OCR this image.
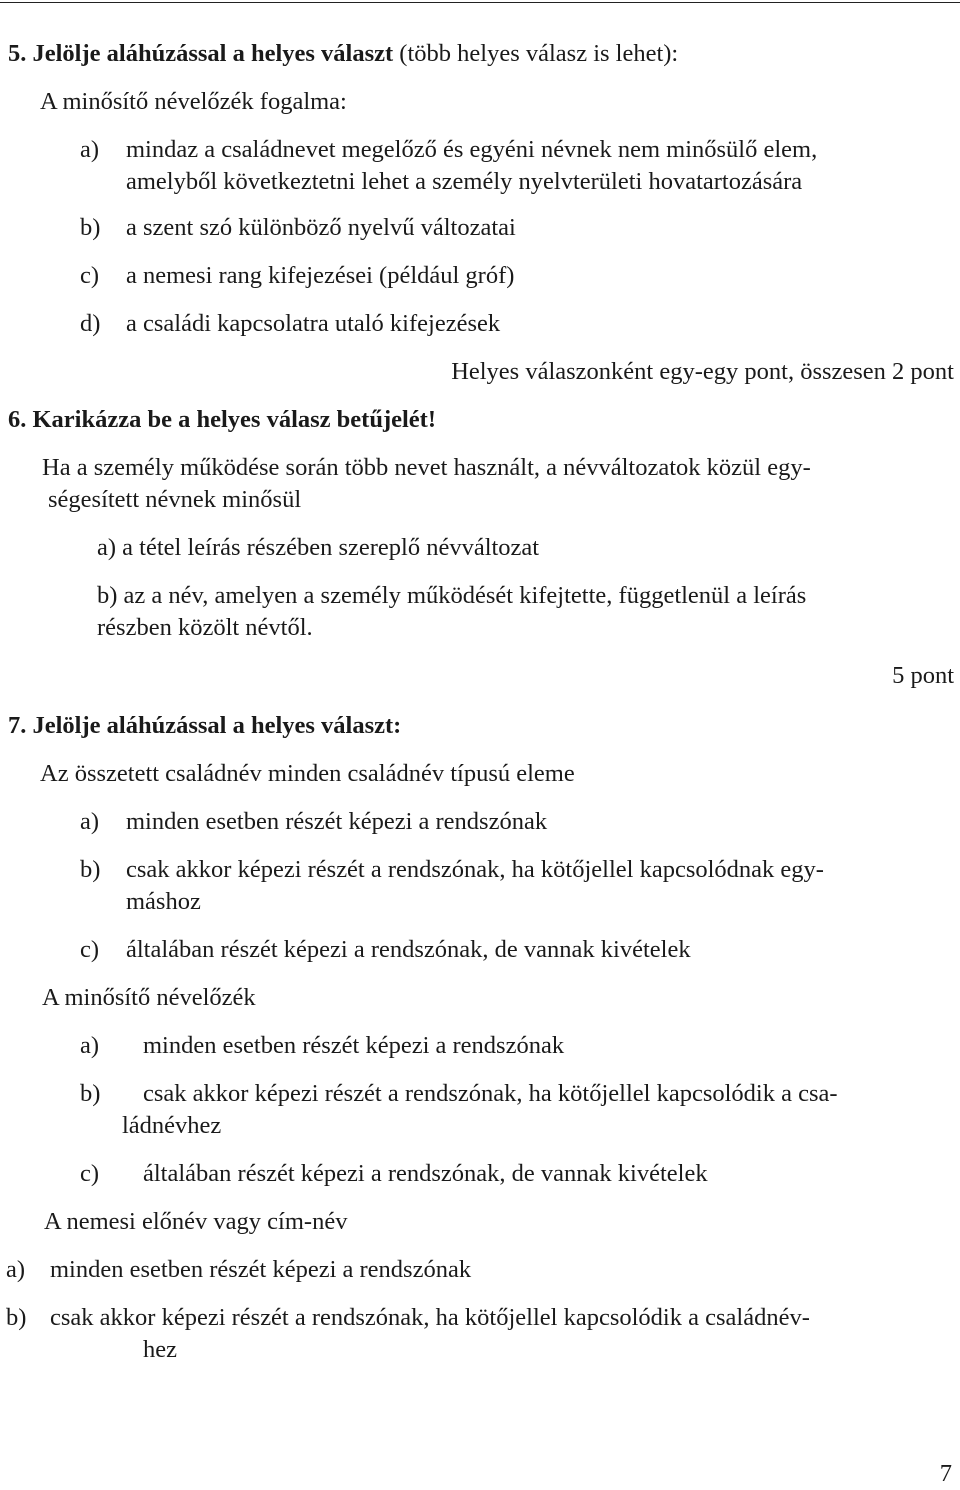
5. Jelölje aláhúzással a helyes választ (több helyes válasz is lehet):
A minősítő névelőzék fogalma:
a) mindaz a családnevet megelőző és egyéni névnek nem minősülő elem,
amelyből következtetni lehet a személy nyelvterületi hovatartozására
b) a szent szó különböző nyelvű változatai
c) a nemesi rang kifejezései (például gróf)
d) a családi kapcsolatra utaló kifejezések
Helyes válaszonként egy-egy pont, összesen 2 pont
6. Karikázza be a helyes válasz betűjelét!
Ha a személy működése során több nevet használt, a névváltozatok közül egy-
ségesített névnek minősül
a) a tétel leírás részében szereplő névváltozat
b) az a név, amelyen a személy működését kifejtette, függetlenül a leírás
részben közölt névtől.
5 pont
7. Jelölje aláhúzással a helyes választ:
Az összetett családnév minden családnév típusú eleme
a) minden esetben részét képezi a rendszónak
b) csak akkor képezi részét a rendszónak, ha kötőjellel kapcsolódnak egy-
máshoz
c) általában részét képezi a rendszónak, de vannak kivételek
A minősítő névelőzék
a) minden esetben részét képezi a rendszónak
b) csak akkor képezi részét a rendszónak, ha kötőjellel kapcsolódik a csa-
ládnévhez
c) általában részét képezi a rendszónak, de vannak kivételek
A nemesi előnév vagy cím-név
a) minden esetben részét képezi a rendszónak
b) csak akkor képezi részét a rendszónak, ha kötőjellel kapcsolódik a családnév-
hez
7
